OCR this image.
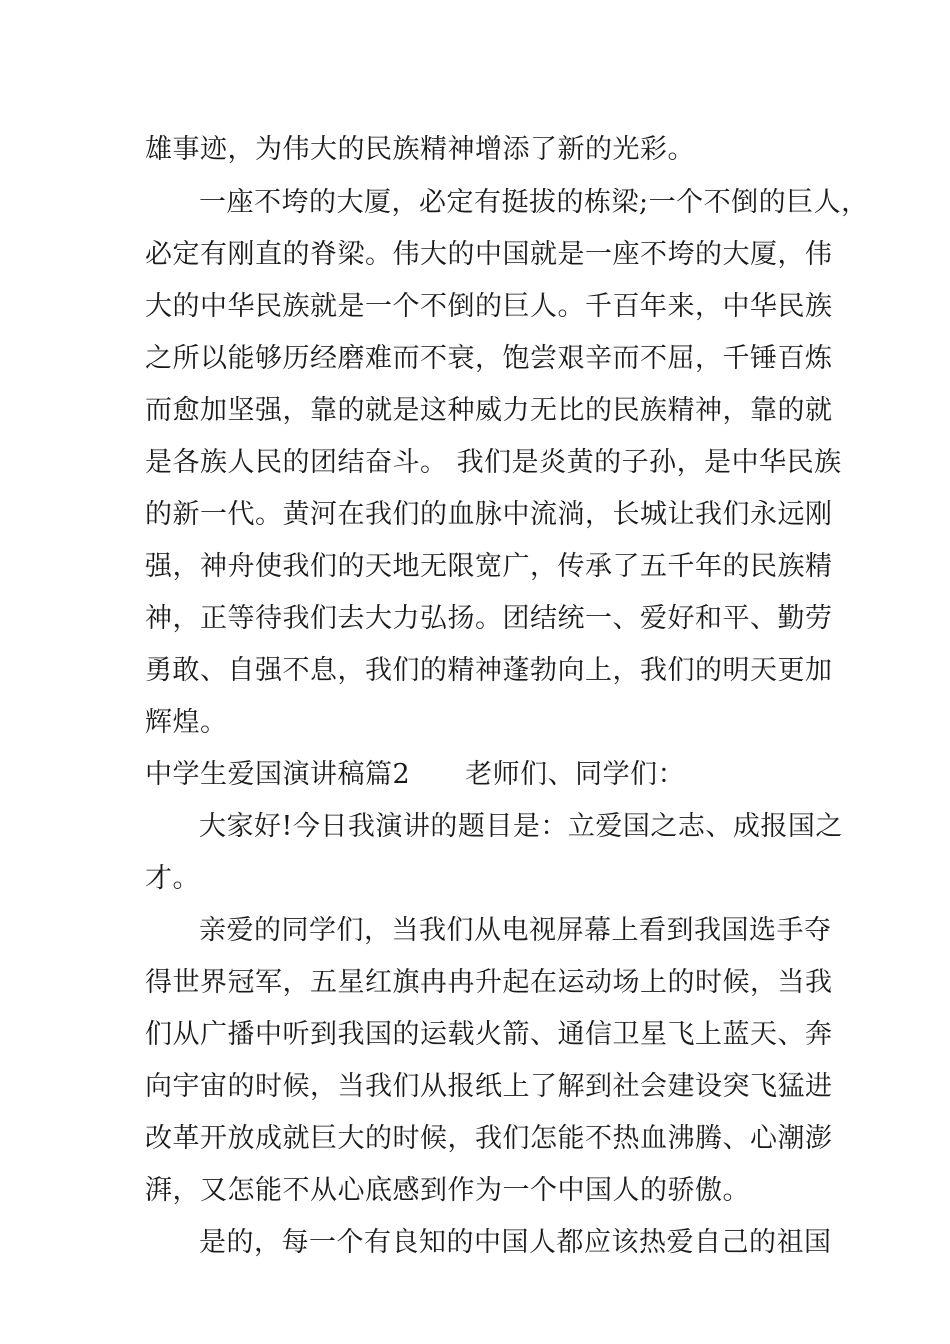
雄事迹，为伟大的民族精神增添了新的光彩。
一座不垮的大厦，必定有挺拔的栋梁;一个不倒的巨人，
必定有刚直的脊梁。伟大的中国就是一座不垮的大厦，伟
大的中华民族就是一个不倒的巨人。千百年来，中华民族
之所以能够历经磨难而不衰，饱尝艰辛而不屈，千锤百炼
而愈加坚强，靠的就是这种威力无比的民族精神，靠的就
是各族人民的团结奋斗。 我们是炎黄的子孙，是中华民族
的新一代。黄河在我们的血脉中流淌，长城让我们永远刚
强，神舟使我们的天地无限宽广，传承了五千年的民族精
神，正等待我们去大力弘扬。团结统一、爱好和平、勤劳
勇敢、自强不息，我们的精神蓬勃向上，我们的明天更加
辉煌。
中学生爱国演讲稿篇2　　老师们、同学们：
大家好!今日我演讲的题目是：立爱国之志、成报国之
才。
亲爱的同学们，当我们从电视屏幕上看到我国选手夺
得世界冠军，五星红旗冉冉升起在运动场上的时候，当我
们从广播中听到我国的运载火箭、通信卫星飞上蓝天、奔
向宇宙的时候，当我们从报纸上了解到社会建设突飞猛进
改革开放成就巨大的时候，我们怎能不热血沸腾、心潮澎
湃，又怎能不从心底感到作为一个中国人的骄傲。
是的，每一个有良知的中国人都应该热爱自己的祖国
